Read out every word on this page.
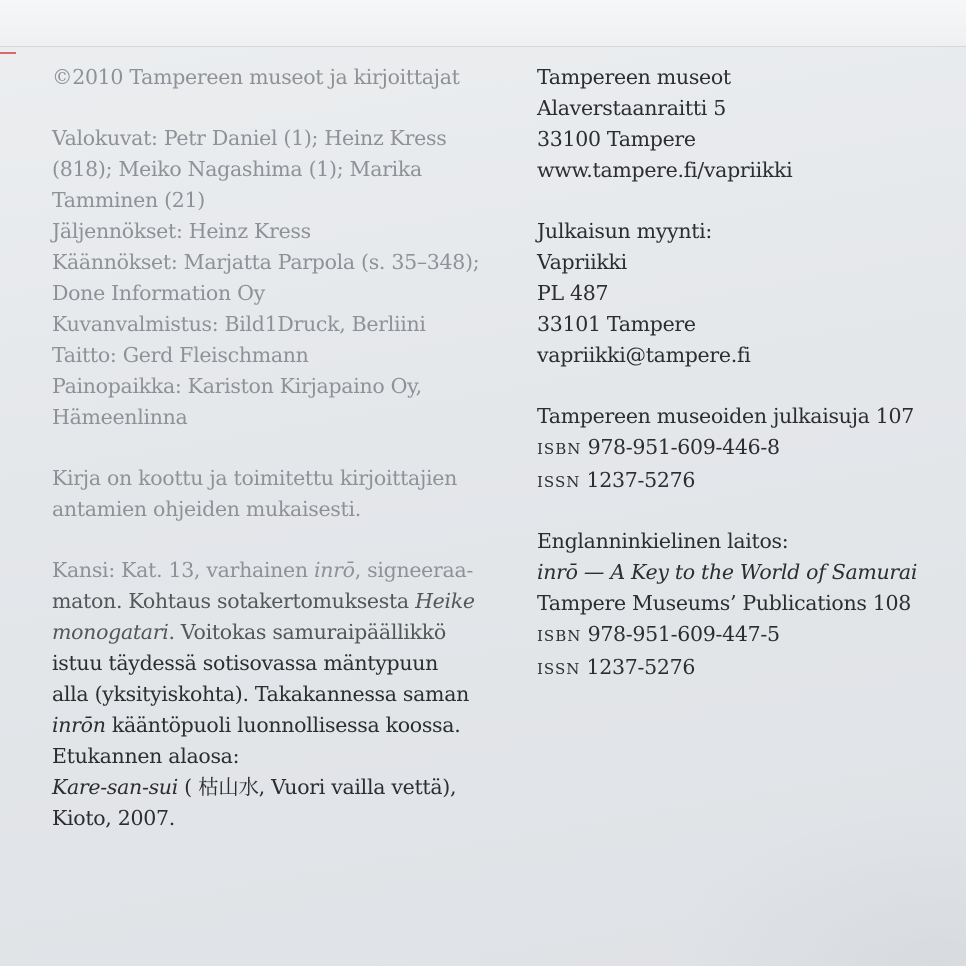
©2010 Tampereen museot ja kirjoittajat
Valokuvat: Petr Daniel (1); Heinz Kress
(818); Meiko Nagashima (1); Marika
Tamminen (21)
Jäljennökset: Heinz Kress
Käännökset: Marjatta Parpola (s. 35–348);
Done Information Oy
Kuvanvalmistus: Bild1Druck, Berliini
Taitto: Gerd Fleischmann
Painopaikka: Kariston Kirjapaino Oy,
Hämeenlinna
Kirja on koottu ja toimitettu kirjoittajien
antamien ohjeiden mukaisesti.
Kansi: Kat. 13, varhainen inrō, signeeraa-
maton. Kohtaus sotakertomuksesta Heike
monogatari. Voitokas samuraipäällikkö
istuu täydessä sotisovassa mäntypuun
alla (yksityiskohta). Takakannessa saman
inrōn kääntöpuoli luonnollisessa koossa.
Etukannen alaosa:
Kare-san-sui ( 枯山水, Vuori vailla vettä),
Kioto, 2007.
Tampereen museot
Alaverstaanraitti 5
33100 Tampere
www.tampere.fi/vapriikki
Julkaisun myynti:
Vapriikki
PL 487
33101 Tampere
vapriikki@tampere.fi
Tampereen museoiden julkaisuja 107
ISBN 978-951-609-446-8
ISSN 1237-5276
Englanninkielinen laitos:
inrō — A Key to the World of Samurai
Tampere Museums’ Publications 108
ISBN 978-951-609-447-5
ISSN 1237-5276
